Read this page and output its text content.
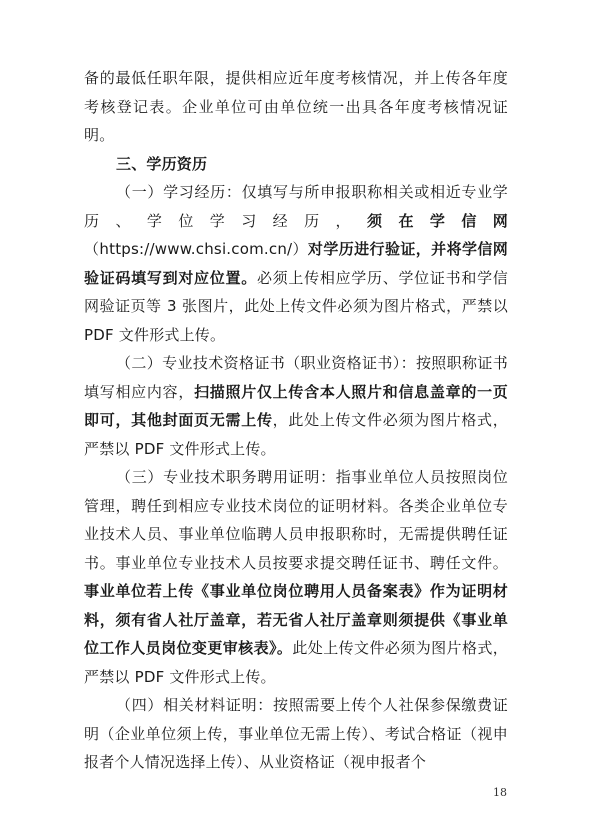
备的最低任职年限，提供相应近年度考核情况，并上传各年度考核登记表。企业单位可由单位统一出具各年度考核情况证明。

三、学历资历

（一）学习经历：仅填写与所申报职称相关或相近专业学历、学位学习经历，须在学信网（https://www.chsi.com.cn/）对学历进行验证，并将学信网验证码填写到对应位置。必须上传相应学历、学位证书和学信网验证页等 3 张图片，此处上传文件必须为图片格式，严禁以 PDF 文件形式上传。

（二）专业技术资格证书（职业资格证书）：按照职称证书填写相应内容，扫描照片仅上传含本人照片和信息盖章的一页即可，其他封面页无需上传，此处上传文件必须为图片格式，严禁以 PDF 文件形式上传。

（三）专业技术职务聘用证明：指事业单位人员按照岗位管理，聘任到相应专业技术岗位的证明材料。各类企业单位专业技术人员、事业单位临聘人员申报职称时，无需提供聘任证书。事业单位专业技术人员按要求提交聘任证书、聘任文件。事业单位若上传《事业单位岗位聘用人员备案表》作为证明材料，须有省人社厅盖章，若无省人社厅盖章则须提供《事业单位工作人员岗位变更审核表》。此处上传文件必须为图片格式，严禁以 PDF 文件形式上传。

（四）相关材料证明：按照需要上传个人社保参保缴费证明（企业单位须上传，事业单位无需上传）、考试合格证（视申报者个人情况选择上传）、从业资格证（视申报者个

18
